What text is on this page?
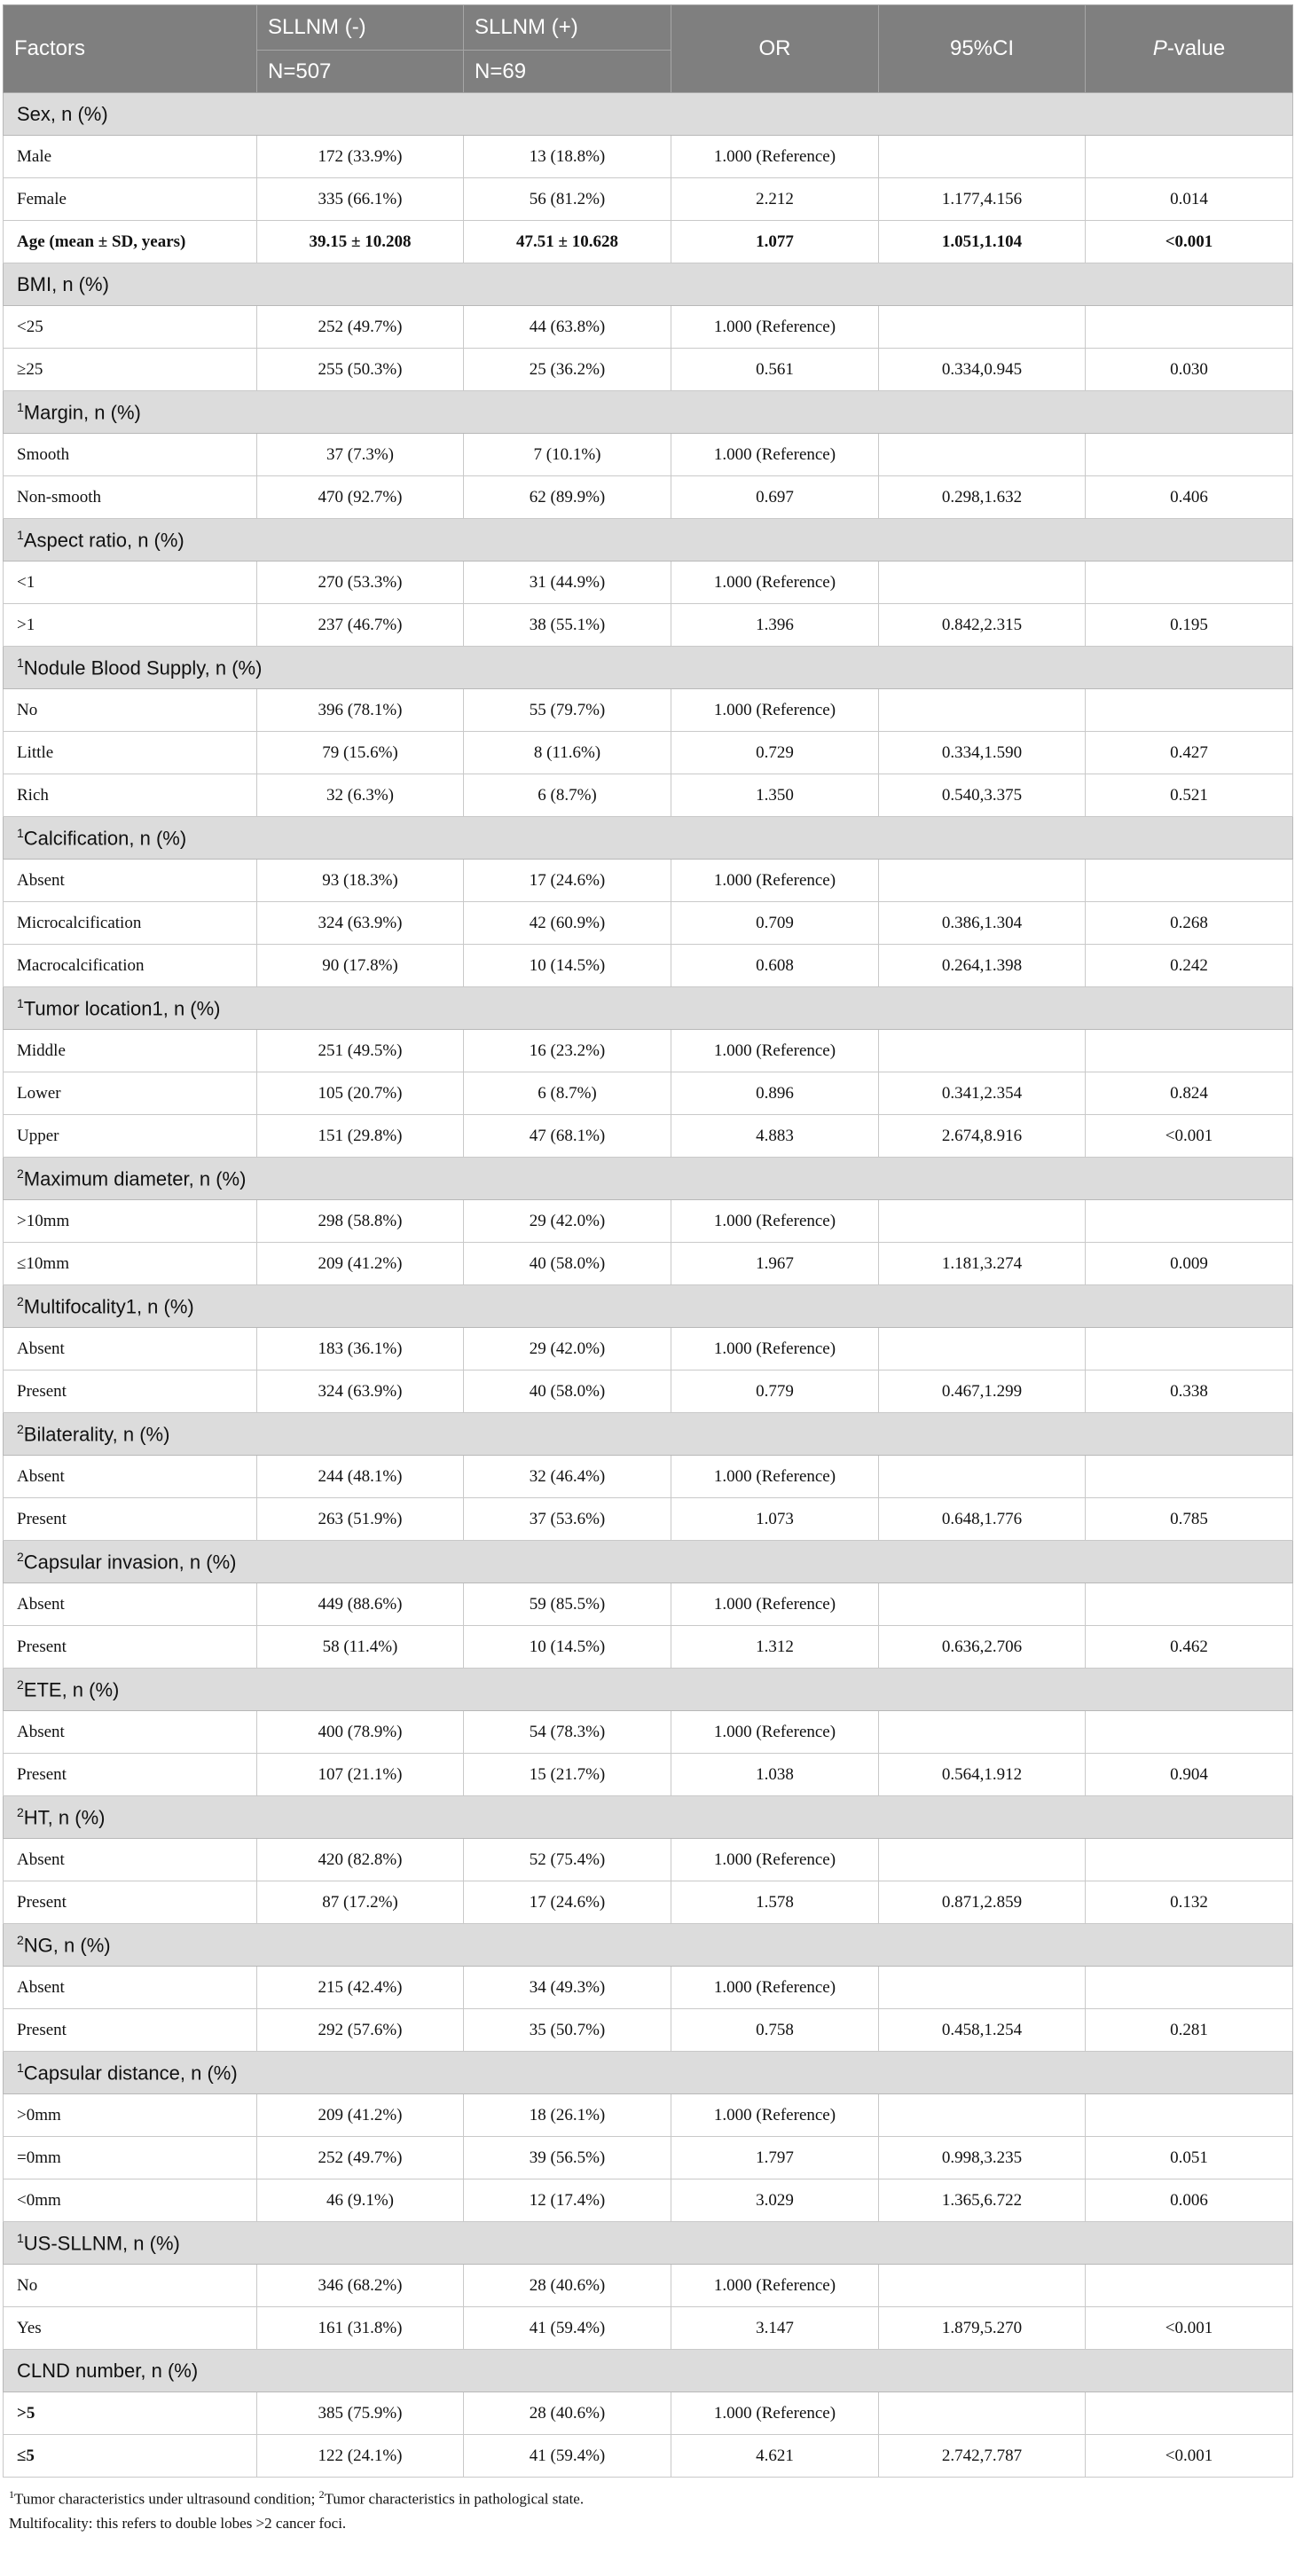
Factors	SLLNM (-)	SLLNM (+)	OR	95%CI	P-value
	N=507	N=69			
Sex, n (%)					
Male	172 (33.9%)	13 (18.8%)	1.000 (Reference)		
Female	335 (66.1%)	56 (81.2%)	2.212	1.177,4.156	0.014
Age (mean ± SD, years)	39.15 ± 10.208	47.51 ± 10.628	1.077	1.051,1.104	<0.001
BMI, n (%)					
<25	252 (49.7%)	44 (63.8%)	1.000 (Reference)		
≥25	255 (50.3%)	25 (36.2%)	0.561	0.334,0.945	0.030
$^1$Margin, n (%)					
Smooth	37 (7.3%)	7 (10.1%)	1.000 (Reference)		
Non-smooth	470 (92.7%)	62 (89.9%)	0.697	0.298,1.632	0.406
$^1$Aspect ratio, n (%)					
<1	270 (53.3%)	31 (44.9%)	1.000 (Reference)		
>1	237 (46.7%)	38 (55.1%)	1.396	0.842,2.315	0.195
$^1$Nodule Blood Supply, n (%)					
No	396 (78.1%)	55 (79.7%)	1.000 (Reference)		
Little	79 (15.6%)	8 (11.6%)	0.729	0.334,1.590	0.427
Rich	32 (6.3%)	6 (8.7%)	1.350	0.540,3.375	0.521
$^1$Calcification, n (%)					
Absent	93 (18.3%)	17 (24.6%)	1.000 (Reference)		
Microcalcification	324 (63.9%)	42 (60.9%)	0.709	0.386,1.304	0.268
Macrocalcification	90 (17.8%)	10 (14.5%)	0.608	0.264,1.398	0.242
$^1$Tumor location1, n (%)					
Middle	251 (49.5%)	16 (23.2%)	1.000 (Reference)		
Lower	105 (20.7%)	6 (8.7%)	0.896	0.341,2.354	0.824
Upper	151 (29.8%)	47 (68.1%)	4.883	2.674,8.916	<0.001
$^2$Maximum diameter, n (%)					
>10mm	298 (58.8%)	29 (42.0%)	1.000 (Reference)		
≤10mm	209 (41.2%)	40 (58.0%)	1.967	1.181,3.274	0.009
$^2$Multifocality1, n (%)					
Absent	183 (36.1%)	29 (42.0%)	1.000 (Reference)		
Present	324 (63.9%)	40 (58.0%)	0.779	0.467,1.299	0.338
$^2$Bilaterality, n (%)					
Absent	244 (48.1%)	32 (46.4%)	1.000 (Reference)		
Present	263 (51.9%)	37 (53.6%)	1.073	0.648,1.776	0.785
$^2$Capsular invasion, n (%)					
Absent	449 (88.6%)	59 (85.5%)	1.000 (Reference)		
Present	58 (11.4%)	10 (14.5%)	1.312	0.636,2.706	0.462
$^2$ETE, n (%)					
Absent	400 (78.9%)	54 (78.3%)	1.000 (Reference)		
Present	107 (21.1%)	15 (21.7%)	1.038	0.564,1.912	0.904
$^2$HT, n (%)					
Absent	420 (82.8%)	52 (75.4%)	1.000 (Reference)		
Present	87 (17.2%)	17 (24.6%)	1.578	0.871,2.859	0.132
$^2$NG, n (%)					
Absent	215 (42.4%)	34 (49.3%)	1.000 (Reference)		
Present	292 (57.6%)	35 (50.7%)	0.758	0.458,1.254	0.281
$^1$Capsular distance, n (%)					
>0mm	209 (41.2%)	18 (26.1%)	1.000 (Reference)		
=0mm	252 (49.7%)	39 (56.5%)	1.797	0.998,3.235	0.051
<0mm	46 (9.1%)	12 (17.4%)	3.029	1.365,6.722	0.006
$^1$US-SLLNM, n (%)					
No	346 (68.2%)	28 (40.6%)	1.000 (Reference)		
Yes	161 (31.8%)	41 (59.4%)	3.147	1.879,5.270	<0.001
CLND number, n (%)					
>5	385 (75.9%)	28 (40.6%)	1.000 (Reference)		
≤5	122 (24.1%)	41 (59.4%)	4.621	2.742,7.787	<0.001
$^1$Tumor characteristics under ultrasound condition; $^2$Tumor characteristics in pathological state.
Multifocality: this refers to double lobes >2 cancer foci.
